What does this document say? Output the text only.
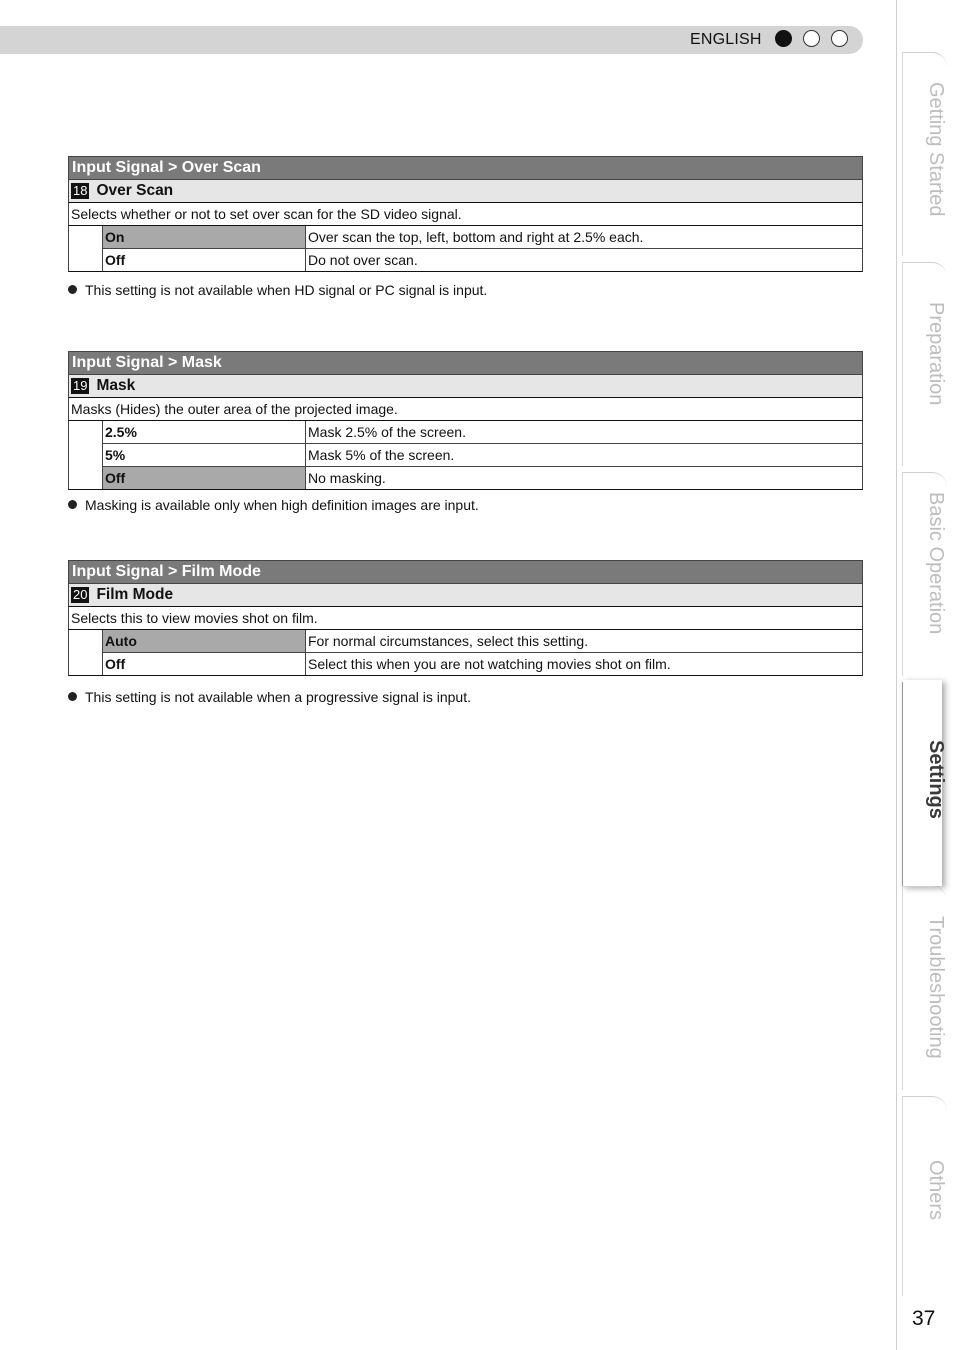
ENGLISH
Getting Started
Preparation
Basic Operation
Settings
Troubleshooting
Others
37
Input Signal > Over Scan
18 Over Scan
Selects whether or not to set over scan for the SD video signal.
On	Over scan the top, left, bottom and right at 2.5% each.
Off	Do not over scan.
This setting is not available when HD signal or PC signal is input.
Input Signal > Mask
19 Mask
Masks (Hides) the outer area of the projected image.
2.5%	Mask 2.5% of the screen.
5%	Mask 5% of the screen.
Off	No masking.
Masking is available only when high definition images are input.
Input Signal > Film Mode
20 Film Mode
Selects this to view movies shot on film.
Auto	For normal circumstances, select this setting.
Off	Select this when you are not watching movies shot on film.
This setting is not available when a progressive signal is input.
